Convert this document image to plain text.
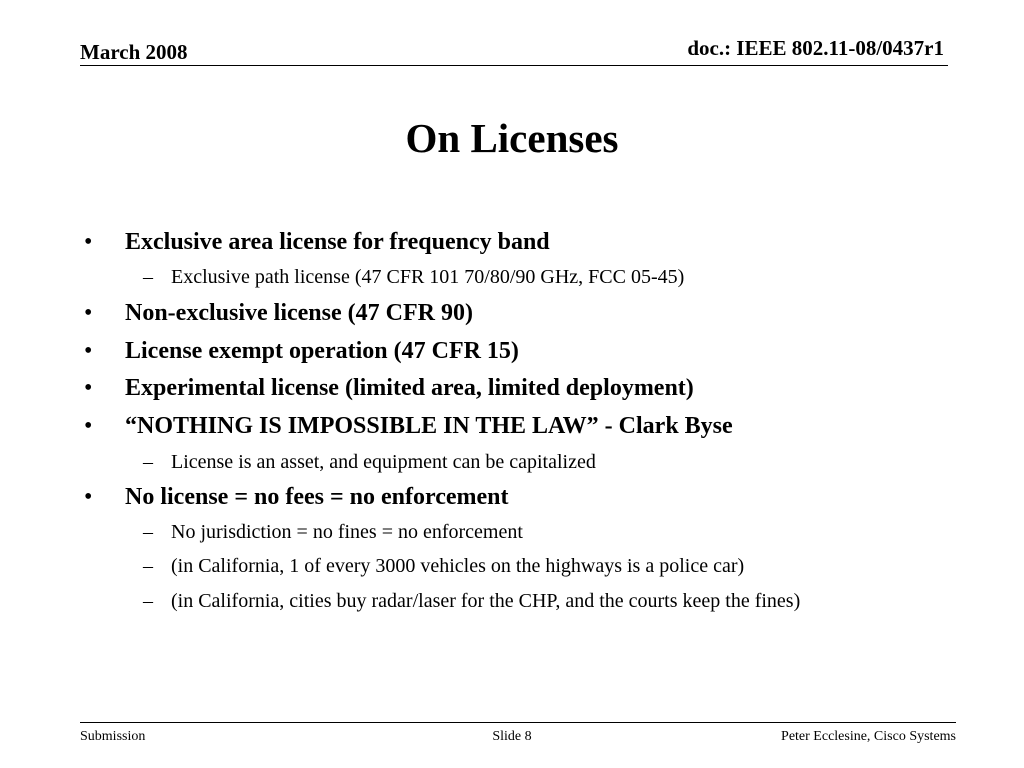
March 2008	doc.: IEEE 802.11-08/0437r1
On Licenses
• Exclusive area license for frequency band
– Exclusive path license (47 CFR 101 70/80/90 GHz, FCC 05-45)
• Non-exclusive license (47 CFR 90)
• License exempt operation (47 CFR 15)
• Experimental license (limited area, limited deployment)
• “NOTHING IS IMPOSSIBLE IN THE LAW” - Clark Byse
– License is an asset, and equipment can be capitalized
• No license = no fees = no enforcement
– No jurisdiction = no fines = no enforcement
– (in California, 1 of every 3000 vehicles on the highways is a police car)
– (in California, cities buy radar/laser for the CHP, and the courts keep the fines)
Submission	Slide 8	Peter Ecclesine, Cisco Systems
